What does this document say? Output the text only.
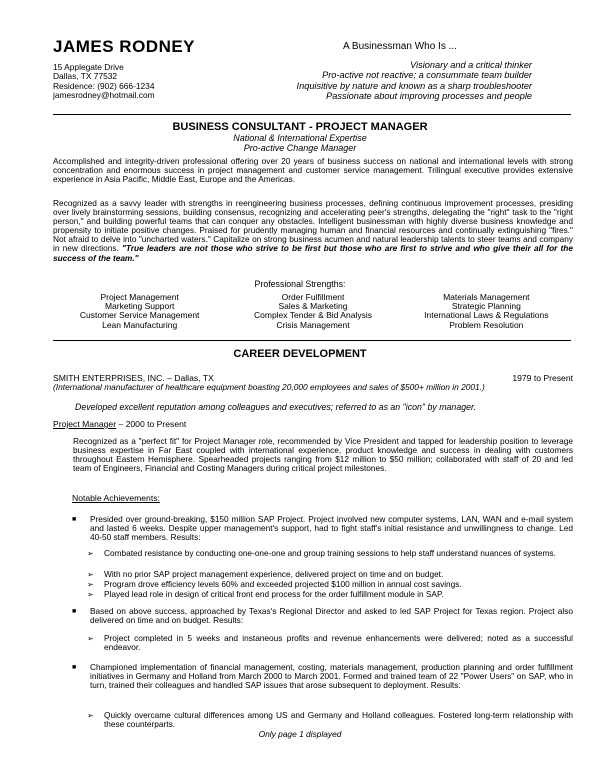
JAMES RODNEY	A Businessman Who Is ...
15 Applegate Drive
Dallas, TX 77532
Residence: (902) 666-1234
jamesrodney@hotmail.com
Visionary and a critical thinker
Pro-active not reactive; a consummate team builder
Inquisitive by nature and known as a sharp troubleshooter
Passionate about improving processes and people
BUSINESS CONSULTANT - PROJECT MANAGER
National & International Expertise
Pro-active Change Manager
Accomplished and integrity-driven professional offering over 20 years of business success on national and international levels with strong concentration and enormous success in project management and customer service management. Trilingual executive provides extensive experience in Asia Pacific, Middle East, Europe and the Americas.
Recognized as a savvy leader with strengths in reengineering business processes, defining continuous improvement processes, presiding over lively brainstorming sessions, building consensus, recognizing and accelerating peer's strengths, delegating the "right" task to the "right person," and building powerful teams that can conquer any obstacles. Intelligent businessman with highly diverse business knowledge and propensity to initiate positive changes. Praised for prudently managing human and financial resources and continually extinguishing "fires." Not afraid to delve into "uncharted waters." Capitalize on strong business acumen and natural leadership talents to steer teams and company in new directions. "True leaders are not those who strive to be first but those who are first to strive and who give their all for the success of the team."
Professional Strengths:
Project Management	Order Fulfillment	Materials Management
Marketing Support	Sales & Marketing	Strategic Planning
Customer Service Management	Complex Tender & Bid Analysis	International Laws & Regulations
Lean Manufacturing	Crisis Management	Problem Resolution
CAREER DEVELOPMENT
SMITH ENTERPRISES, INC. – Dallas, TX	1979 to Present
(International manufacturer of healthcare equipment boasting 20,000 employees and sales of $500+ million in 2001.)
Developed excellent reputation among colleagues and executives; referred to as an "icon" by manager.
Project Manager – 2000 to Present
Recognized as a "perfect fit" for Project Manager role, recommended by Vice President and tapped for leadership position to leverage business expertise in Far East coupled with international experience, product knowledge and success in dealing with customers throughout Eastern Hemisphere. Spearheaded projects ranging from $12 million to $50 million; collaborated with staff of 20 and led team of Engineers, Financial and Costing Managers during critical project milestones.
Notable Achievements:
■ Presided over ground-breaking, $150 million SAP Project. Project involved new computer systems, LAN, WAN and e-mail system and lasted 6 weeks. Despite upper management's support, had to fight staff's initial resistance and unwillingness to change. Led 40-50 staff members. Results:
➢ Combated resistance by conducting one-one-one and group training sessions to help staff understand nuances of systems.
➢ With no prior SAP project management experience, delivered project on time and on budget.
➢ Program drove efficiency levels 60% and exceeded projected $100 million in annual cost savings.
➢ Played lead role in design of critical front end process for the order fulfillment module in SAP.
■ Based on above success, approached by Texas's Regional Director and asked to led SAP Project for Texas region. Project also delivered on time and on budget. Results:
➢ Project completed in 5 weeks and instaneous profits and revenue enhancements were delivered; noted as a successful endeavor.
■ Championed implementation of financial management, costing, materials management, production planning and order fulfillment initiatives in Germany and Holland from March 2000 to March 2001. Formed and trained team of 22 "Power Users" on SAP, who in turn, trained their colleagues and handled SAP issues that arose subsequent to deployment. Results:
➢ Quickly overcame cultural differences among US and Germany and Holland colleagues. Fostered long-term relationship with these counterparts.
Only page 1 displayed
